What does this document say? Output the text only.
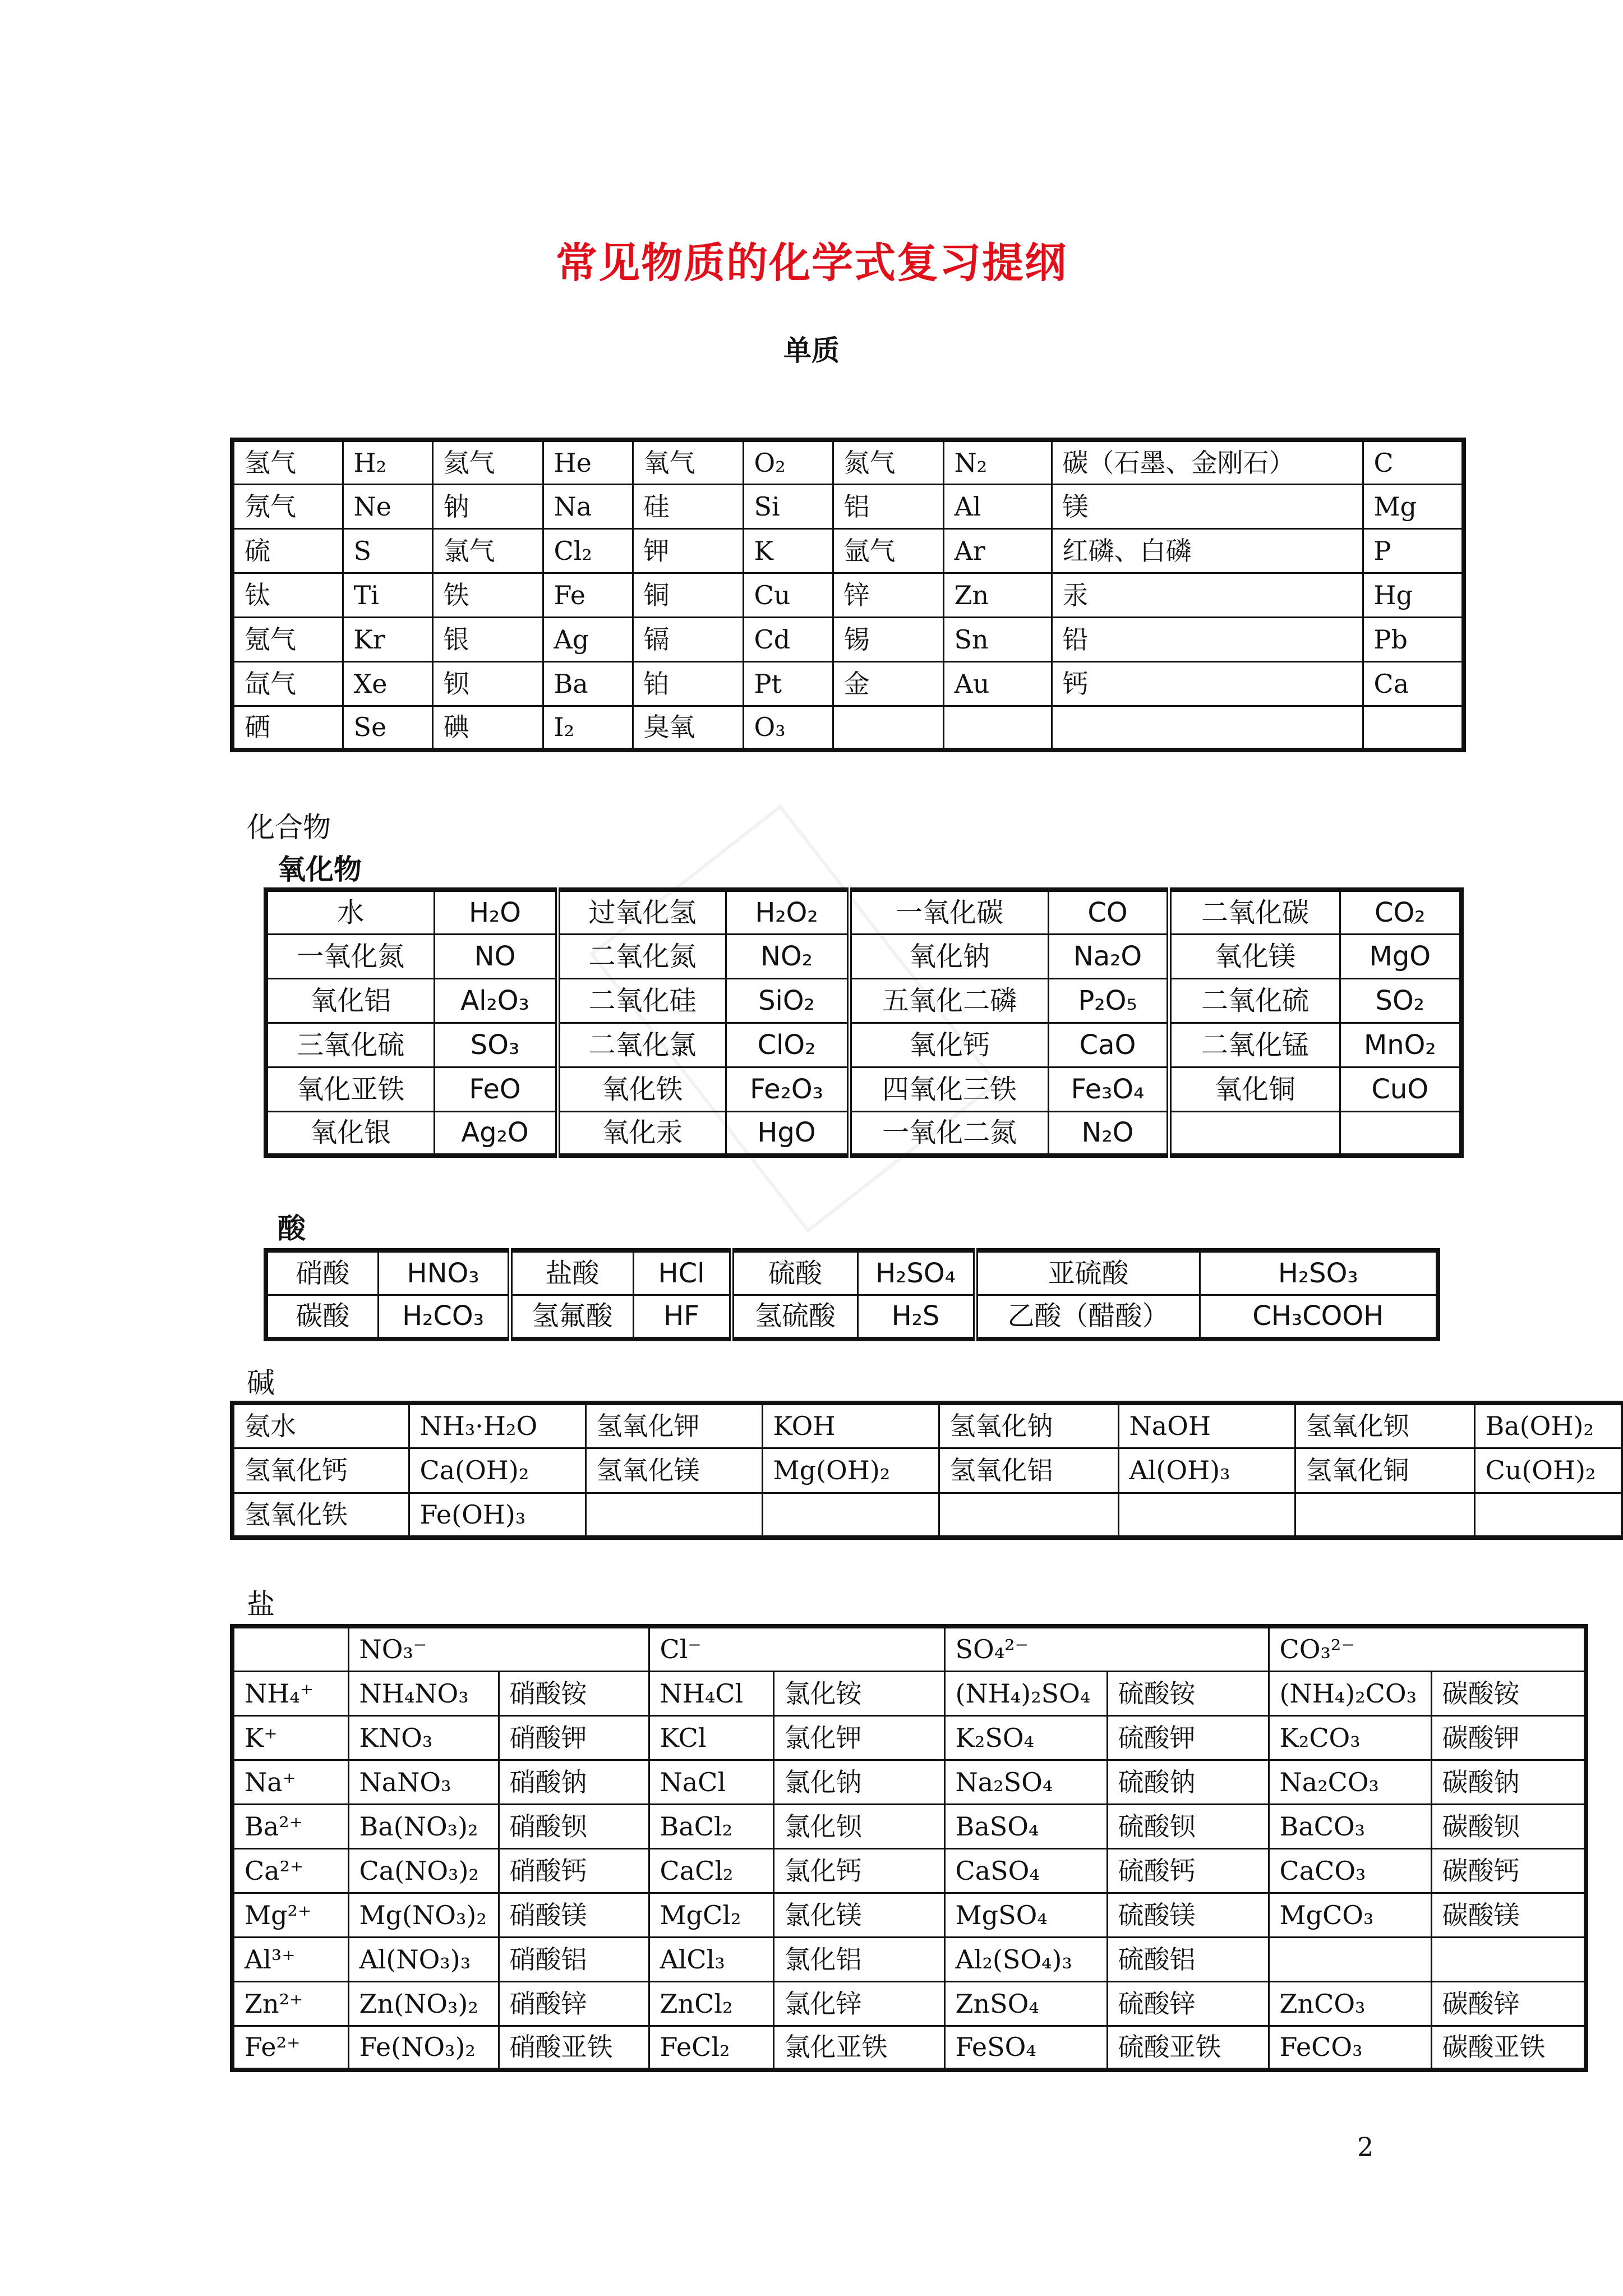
常见物质的化学式复习提纲
单质
氢气	H₂	氦气	He	氧气	O₂	氮气	N₂	碳（石墨、金刚石）	C
氖气	Ne	钠	Na	硅	Si	铝	Al	镁	Mg
硫	S	氯气	Cl₂	钾	K	氩气	Ar	红磷、白磷	P
钛	Ti	铁	Fe	铜	Cu	锌	Zn	汞	Hg
氪气	Kr	银	Ag	镉	Cd	锡	Sn	铅	Pb
氙气	Xe	钡	Ba	铂	Pt	金	Au	钙	Ca
硒	Se	碘	I₂	臭氧	O₃				
化合物
氧化物
水	H₂O	过氧化氢	H₂O₂	一氧化碳	CO	二氧化碳	CO₂
一氧化氮	NO	二氧化氮	NO₂	氧化钠	Na₂O	氧化镁	MgO
氧化铝	Al₂O₃	二氧化硅	SiO₂	五氧化二磷	P₂O₅	二氧化硫	SO₂
三氧化硫	SO₃	二氧化氯	ClO₂	氧化钙	CaO	二氧化锰	MnO₂
氧化亚铁	FeO	氧化铁	Fe₂O₃	四氧化三铁	Fe₃O₄	氧化铜	CuO
氧化银	Ag₂O	氧化汞	HgO	一氧化二氮	N₂O		
酸
硝酸	HNO₃	盐酸	HCl	硫酸	H₂SO₄	亚硫酸	H₂SO₃
碳酸	H₂CO₃	氢氟酸	HF	氢硫酸	H₂S	乙酸（醋酸）	CH₃COOH
碱
氨水	NH₃·H₂O	氢氧化钾	KOH	氢氧化钠	NaOH	氢氧化钡	Ba(OH)₂
氢氧化钙	Ca(OH)₂	氢氧化镁	Mg(OH)₂	氢氧化铝	Al(OH)₃	氢氧化铜	Cu(OH)₂
氢氧化铁	Fe(OH)₃						
盐
	NO₃⁻		Cl⁻		SO₄²⁻		CO₃²⁻	
NH₄⁺	NH₄NO₃	硝酸铵	NH₄Cl	氯化铵	(NH₄)₂SO₄	硫酸铵	(NH₄)₂CO₃	碳酸铵
K⁺	KNO₃	硝酸钾	KCl	氯化钾	K₂SO₄	硫酸钾	K₂CO₃	碳酸钾
Na⁺	NaNO₃	硝酸钠	NaCl	氯化钠	Na₂SO₄	硫酸钠	Na₂CO₃	碳酸钠
Ba²⁺	Ba(NO₃)₂	硝酸钡	BaCl₂	氯化钡	BaSO₄	硫酸钡	BaCO₃	碳酸钡
Ca²⁺	Ca(NO₃)₂	硝酸钙	CaCl₂	氯化钙	CaSO₄	硫酸钙	CaCO₃	碳酸钙
Mg²⁺	Mg(NO₃)₂	硝酸镁	MgCl₂	氯化镁	MgSO₄	硫酸镁	MgCO₃	碳酸镁
Al³⁺	Al(NO₃)₃	硝酸铝	AlCl₃	氯化铝	Al₂(SO₄)₃	硫酸铝		
Zn²⁺	Zn(NO₃)₂	硝酸锌	ZnCl₂	氯化锌	ZnSO₄	硫酸锌	ZnCO₃	碳酸锌
Fe²⁺	Fe(NO₃)₂	硝酸亚铁	FeCl₂	氯化亚铁	FeSO₄	硫酸亚铁	FeCO₃	碳酸亚铁
2
